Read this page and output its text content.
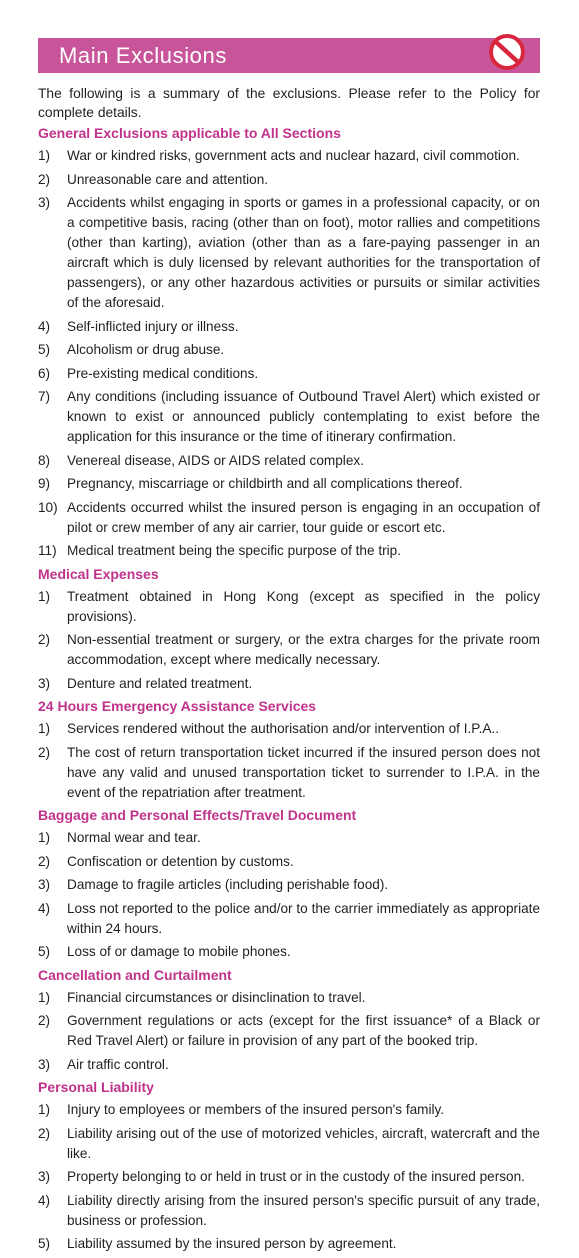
Main Exclusions

The following is a summary of the exclusions. Please refer to the Policy for complete details.

General Exclusions applicable to All Sections
1) War or kindred risks, government acts and nuclear hazard, civil commotion.
2) Unreasonable care and attention.
3) Accidents whilst engaging in sports or games in a professional capacity, or on a competitive basis, racing (other than on foot), motor rallies and competitions (other than karting), aviation (other than as a fare-paying passenger in an aircraft which is duly licensed by relevant authorities for the transportation of passengers), or any other hazardous activities or pursuits or similar activities of the aforesaid.
4) Self-inflicted injury or illness.
5) Alcoholism or drug abuse.
6) Pre-existing medical conditions.
7) Any conditions (including issuance of Outbound Travel Alert) which existed or known to exist or announced publicly contemplating to exist before the application for this insurance or the time of itinerary confirmation.
8) Venereal disease, AIDS or AIDS related complex.
9) Pregnancy, miscarriage or childbirth and all complications thereof.
10) Accidents occurred whilst the insured person is engaging in an occupation of pilot or crew member of any air carrier, tour guide or escort etc.
11) Medical treatment being the specific purpose of the trip.
Medical Expenses
1) Treatment obtained in Hong Kong (except as specified in the policy provisions).
2) Non-essential treatment or surgery, or the extra charges for the private room accommodation, except where medically necessary.
3) Denture and related treatment.
24 Hours Emergency Assistance Services
1) Services rendered without the authorisation and/or intervention of I.P.A..
2) The cost of return transportation ticket incurred if the insured person does not have any valid and unused transportation ticket to surrender to I.P.A. in the event of the repatriation after treatment.
Baggage and Personal Effects/Travel Document
1) Normal wear and tear.
2) Confiscation or detention by customs.
3) Damage to fragile articles (including perishable food).
4) Loss not reported to the police and/or to the carrier immediately as appropriate within 24 hours.
5) Loss of or damage to mobile phones.
Cancellation and Curtailment
1) Financial circumstances or disinclination to travel.
2) Government regulations or acts (except for the first issuance* of a Black or Red Travel Alert) or failure in provision of any part of the booked trip.
3) Air traffic control.
Personal Liability
1) Injury to employees or members of the insured person's family.
2) Liability arising out of the use of motorized vehicles, aircraft, watercraft and the like.
3) Property belonging to or held in trust or in the custody of the insured person.
4) Liability directly arising from the insured person's specific pursuit of any trade, business or profession.
5) Liability assumed by the insured person by agreement.
